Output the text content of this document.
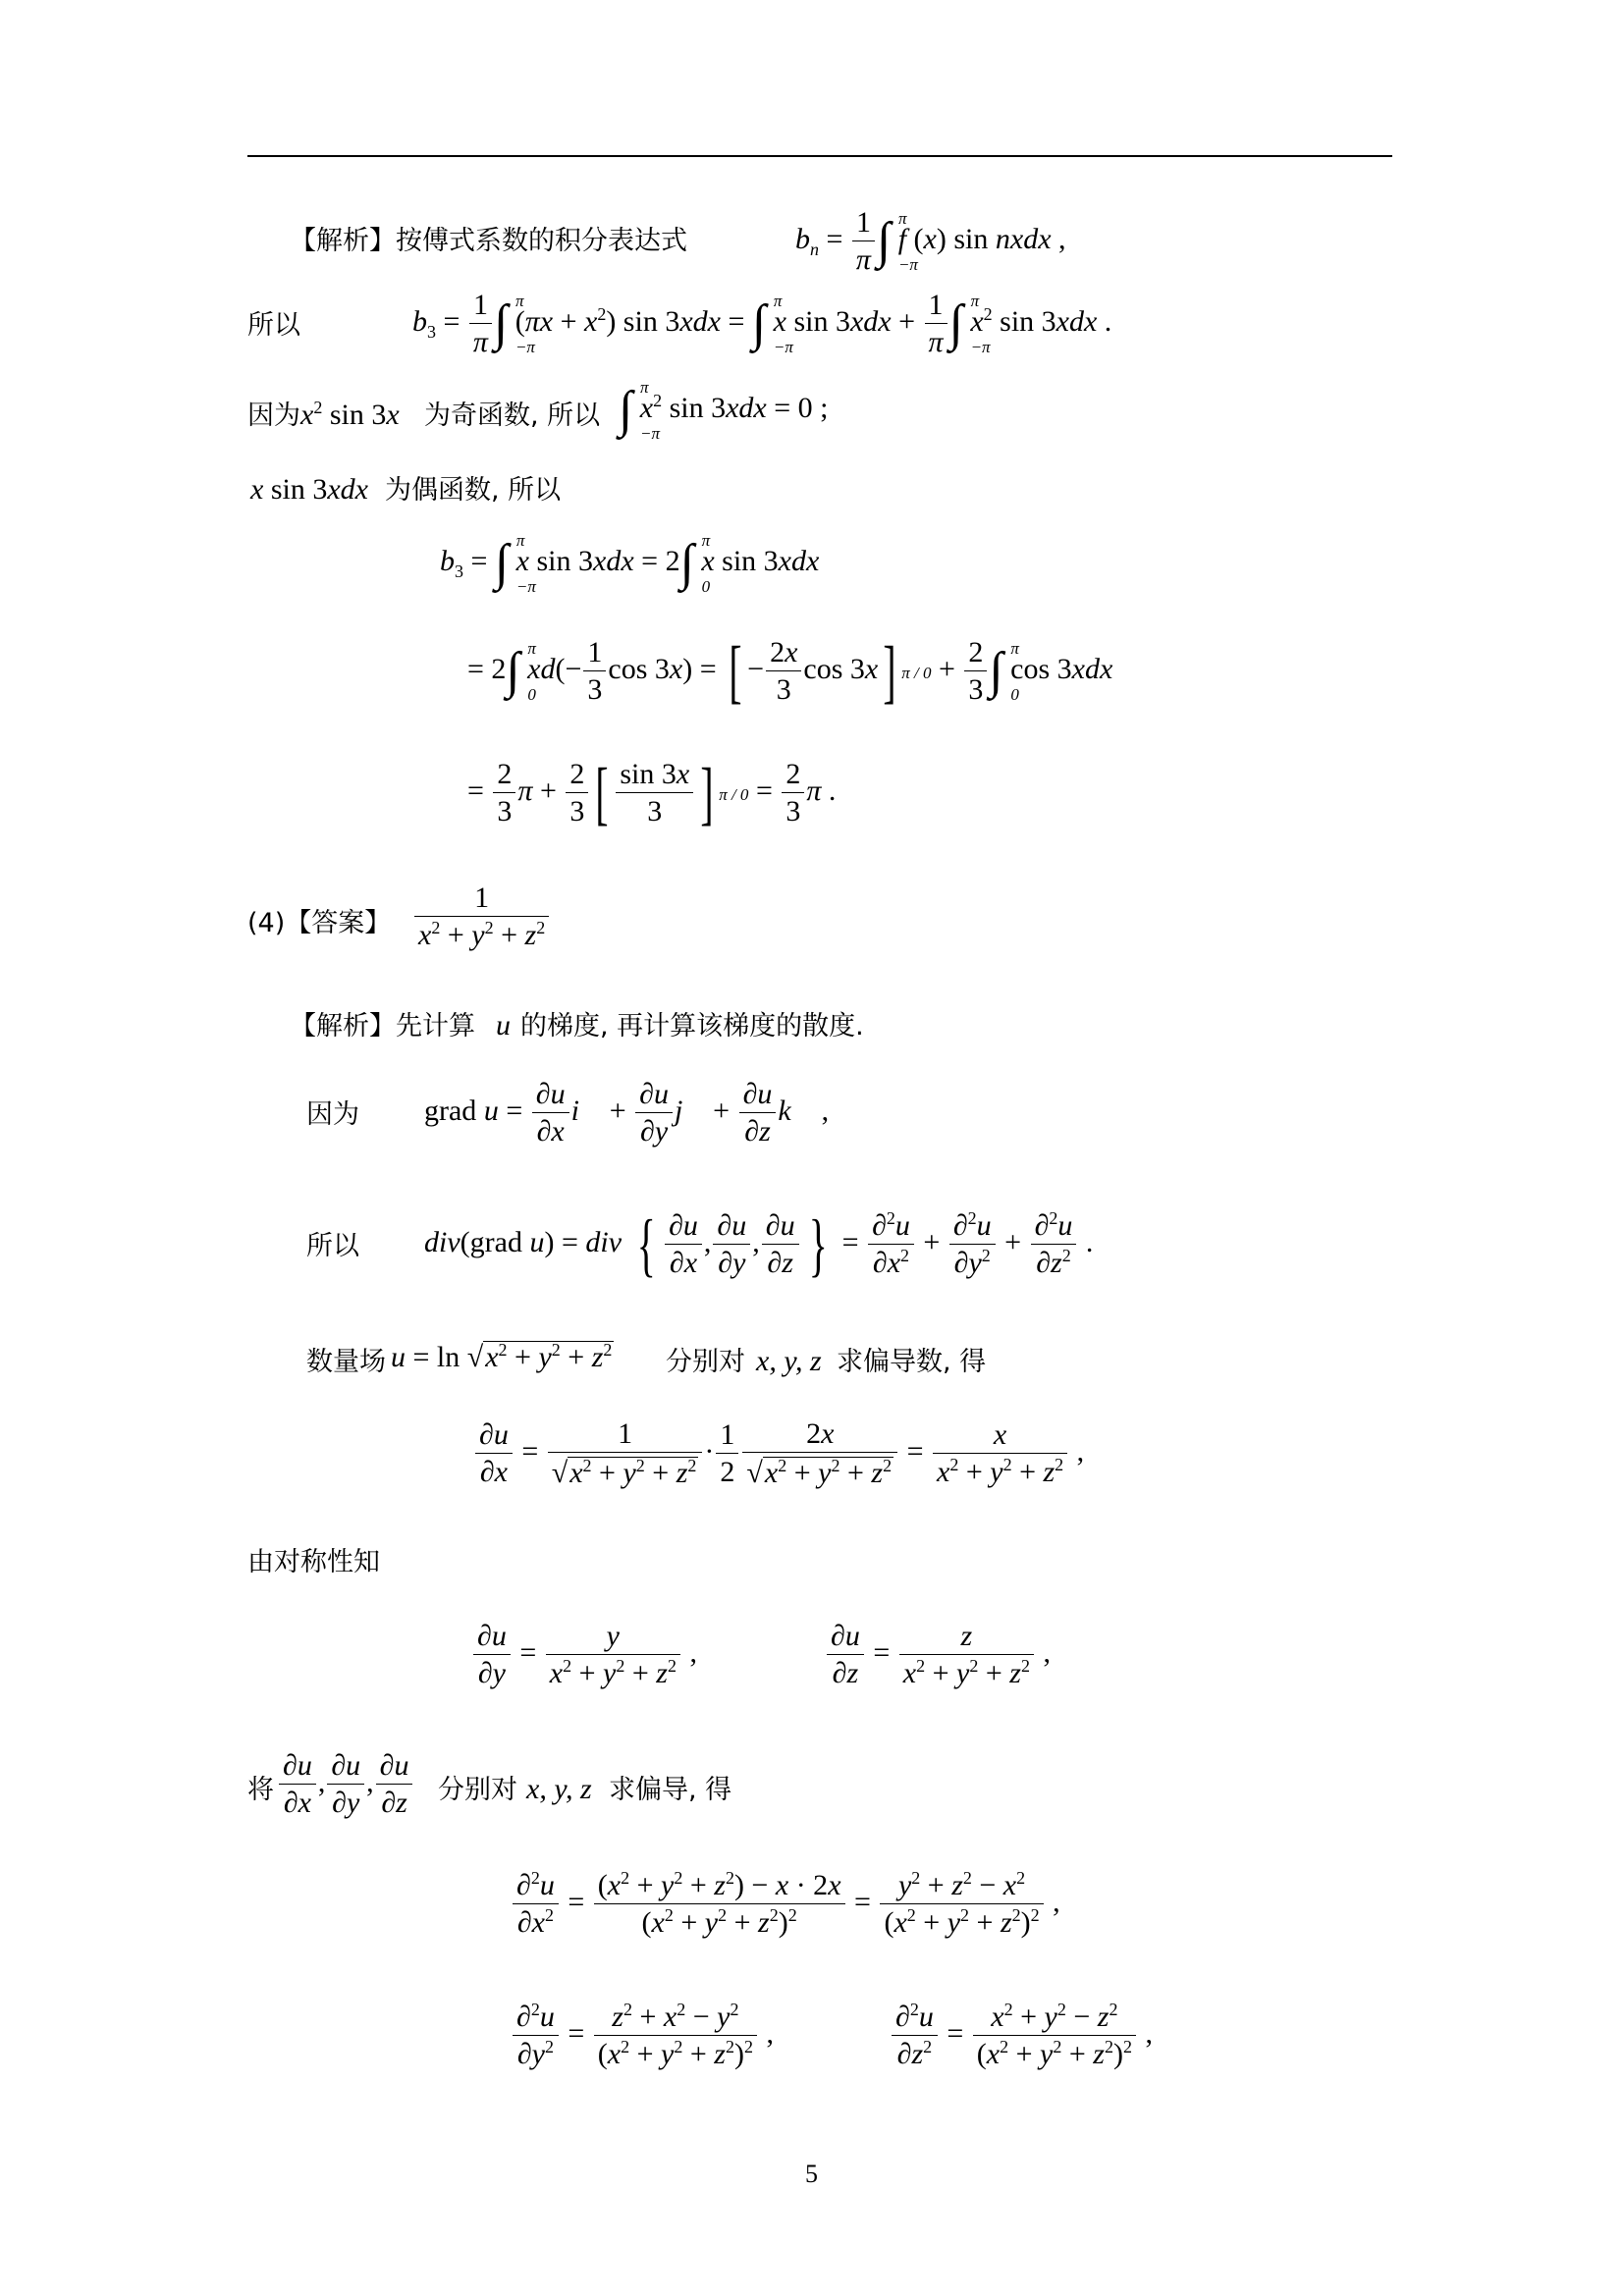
【解析】按傅式系数的积分表达式	$b_n = \frac{1}{\pi}$ ∫ π
−π
f (x) sin nxdx ,
所以	$b_3 = \frac{1}{\pi}$ ∫ π
−π
$(\pi x + x^2)$ sin 3xdx = ∫ π
−π
x $\sin 3xdx + \frac{1}{\pi}$ ∫ π
−π
$x^2$ sin 3xdx .
因为 $x^2$ sin 3x 为奇函数, 所以 ∫ π
−π
$x^2$ sin 3xdx = 0 ;
x sin 3xdx 为偶函数, 所以
$b_3$ = ∫ π
−π
x sin 3xdx = 2∫ π
0
x sin 3xdx
= 2∫ π
0
$xd(- \frac{1}{3}$ cos 3x) = [ − $\frac{2x}{3}$ cos 3x] $\pi / 0 + \frac{2}{3}$ ∫ π
0
cos 3xdx
= $\frac{2}{3}$ $\pi + \frac{2}{3}$ [ $\frac{\sin 3x}{3}$ ] $\pi / 0 = \frac{2}{3}$ π .
(4)【答案】 $\frac{1}{x^2 + y^2 + z^2}$
【解析】先计算 u 的梯度, 再计算该梯度的散度.
因为 grad $u = \frac{\partial u}{\partial x}$ i⃗ + $\frac{\partial u}{\partial y}$ j⃗ + $\frac{\partial u}{\partial z}$ k⃗ ,
所以 div(grad u) = div { $\frac{\partial u}{\partial x}$ , $\frac{\partial u}{\partial y}$ , $\frac{\partial u}{\partial z}$ } = $\frac{\partial^2u}{\partial x^2} + \frac{\partial^2u}{\partial y^2} + \frac{\partial^2u}{\partial z^2}$ .
数量场 $u = \ln √x^2 + y^2 + z^2$ 分别对 x, y, z 求偏导数, 得
$\frac{\partial u}{\partial x} = \frac{1}{√x^2 + y^2 + z^2} \cdot \frac{1}{2} \frac{2x}{√x^2 + y^2 + z^2} = \frac{x}{x^2 + y^2 + z^2}$ ,
由对称性知
$\frac{\partial u}{\partial y} = \frac{y}{x^2 + y^2 + z^2}$ ,	$\frac{\partial u}{\partial z} = \frac{z}{x^2 + y^2 + z^2}$ ,
将 $\frac{\partial u}{\partial x}$ , $\frac{\partial u}{\partial y}$ , $\frac{\partial u}{\partial z}$ 分别对 x, y, z 求偏导, 得
$\frac{\partial^2u}{\partial x^2} = \frac{(x^2 + y^2 + z^2) - x \cdot 2x}{(x^2 + y^2 + z^2)^2} = \frac{y^2 + z^2 - x^2}{(x^2 + y^2 + z^2)^2}$ ,
$\frac{\partial^2u}{\partial y^2} = \frac{z^2 + x^2 - y^2}{(x^2 + y^2 + z^2)^2}$ ,	$\frac{\partial^2u}{\partial z^2} = \frac{x^2 + y^2 - z^2}{(x^2 + y^2 + z^2)^2}$ ,
5
